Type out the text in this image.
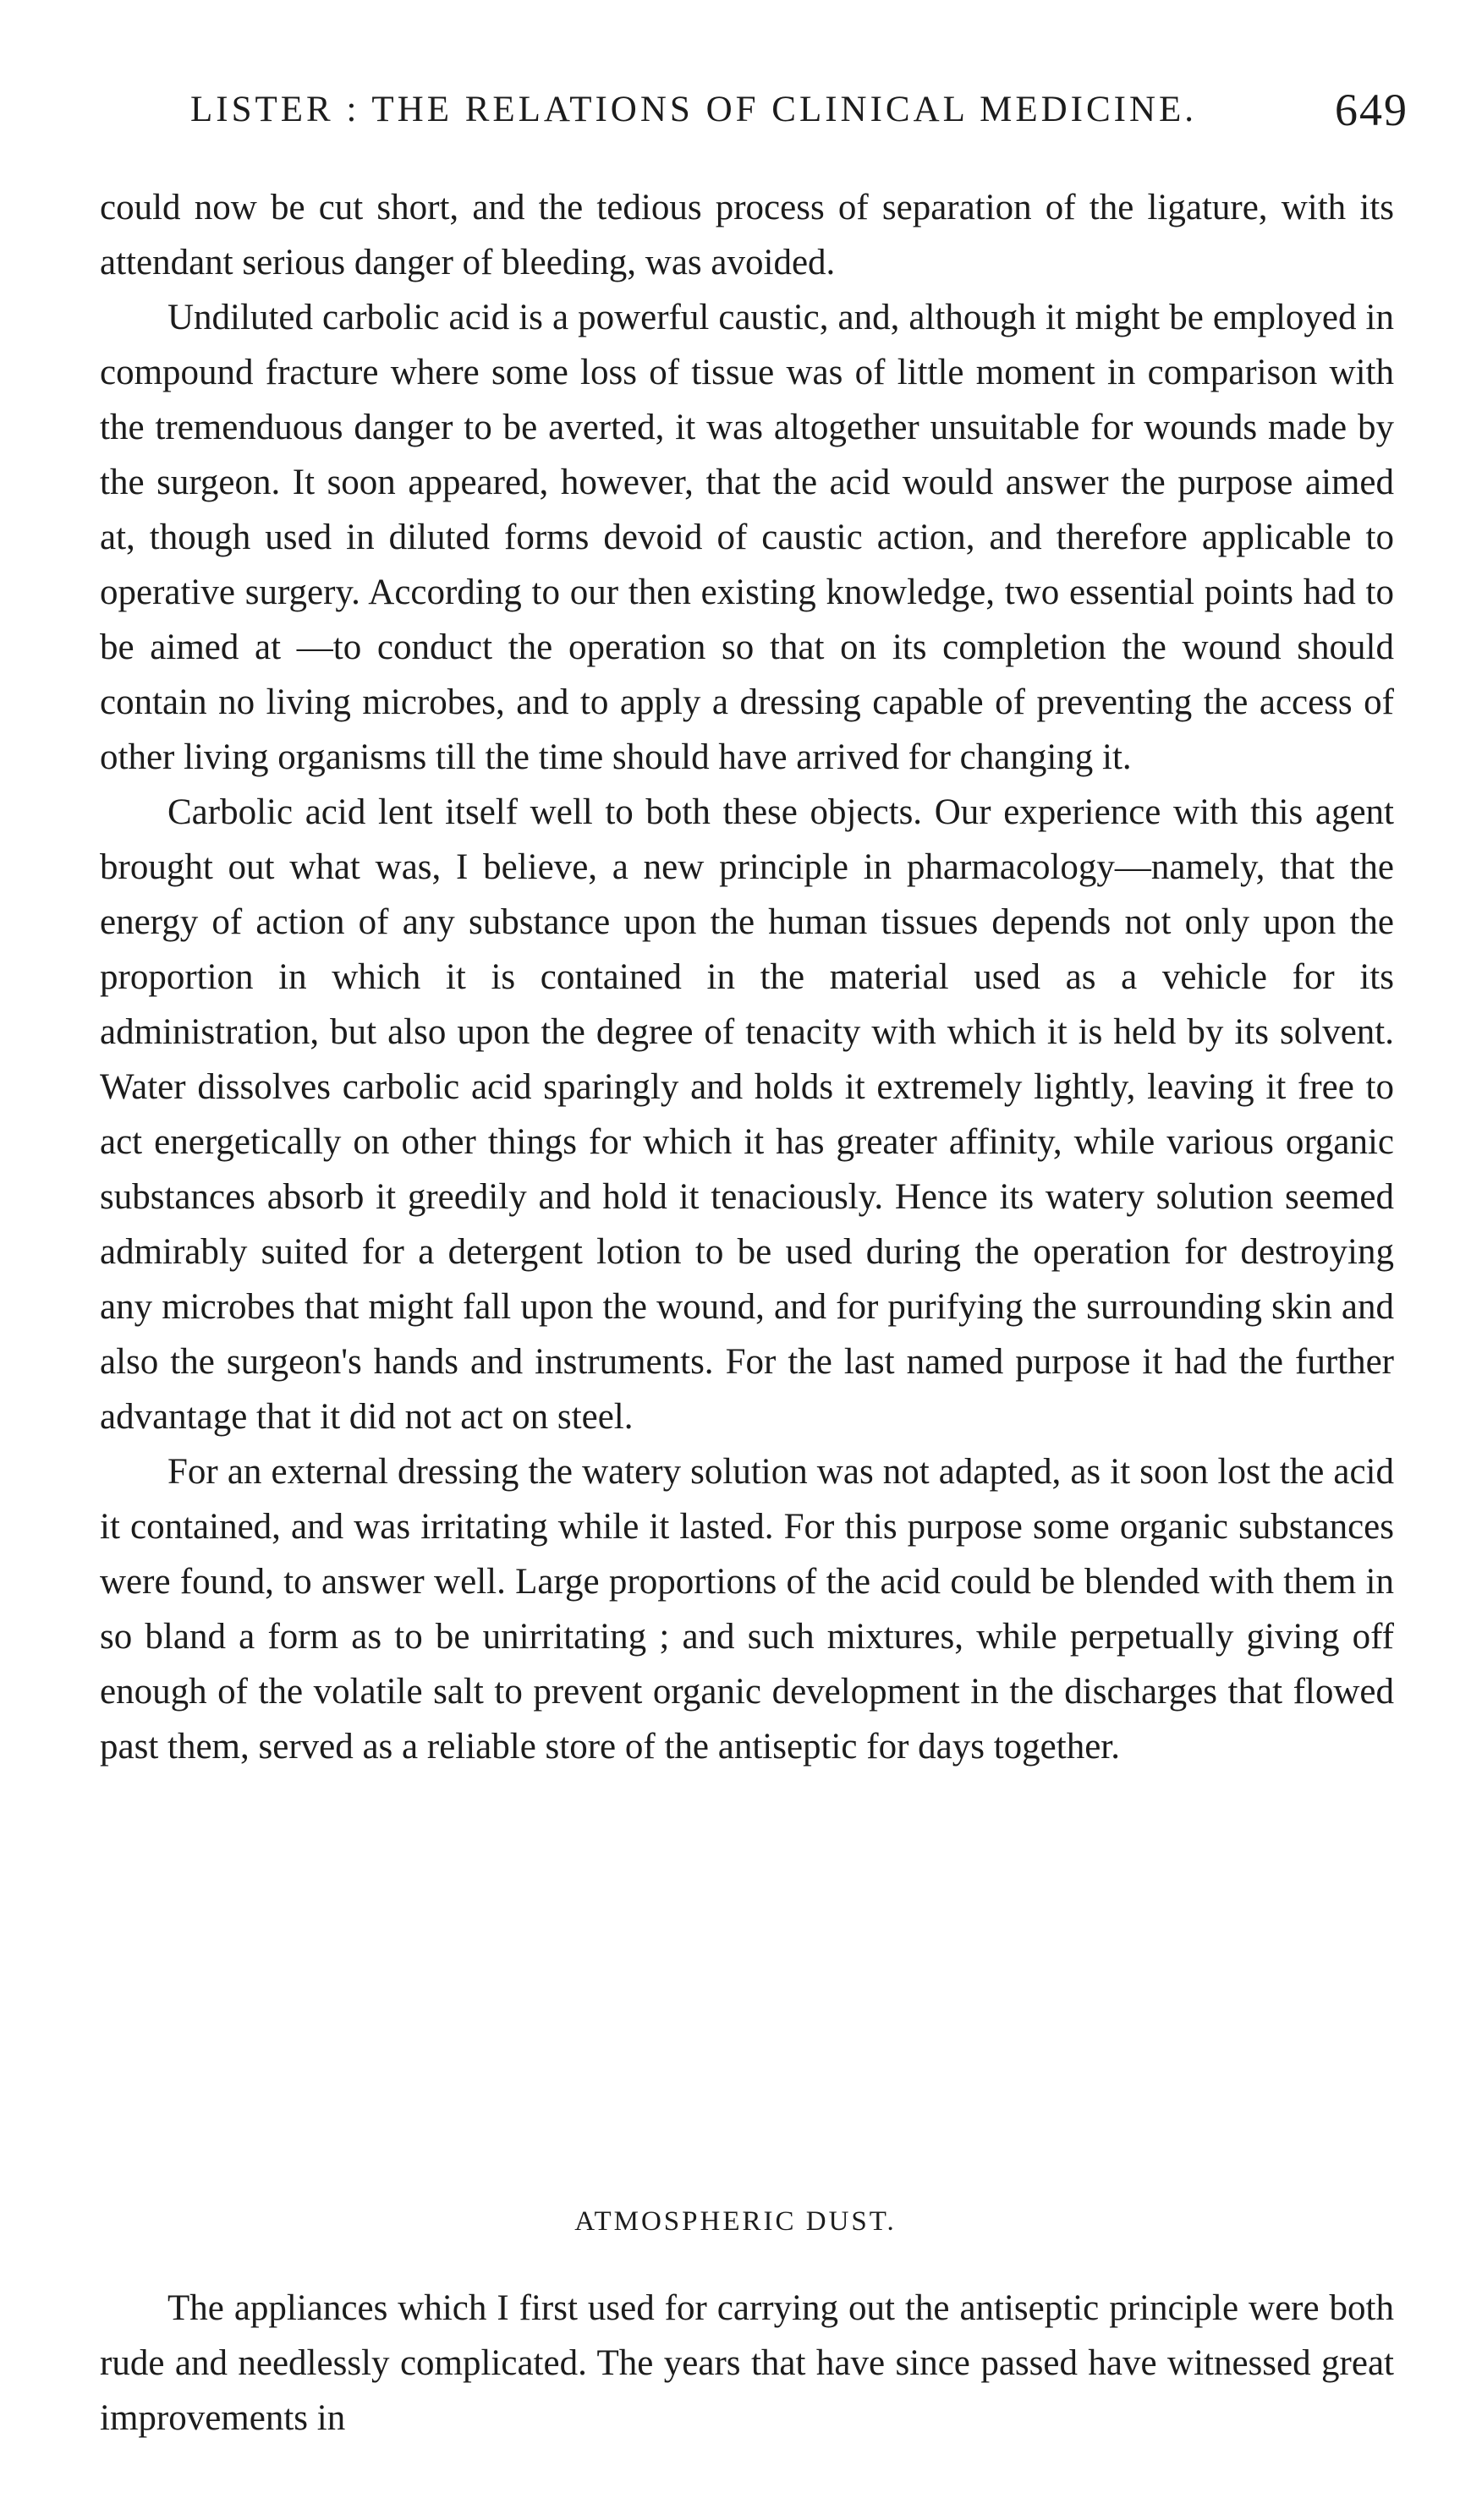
LISTER : THE RELATIONS OF CLINICAL MEDICINE.	649

could now be cut short, and the tedious process of separation of the ligature, with its attendant serious danger of bleeding, was avoided.

Undiluted carbolic acid is a powerful caustic, and, although it might be employed in compound fracture where some loss of tissue was of little moment in comparison with the tremenduous danger to be averted, it was altogether unsuitable for wounds made by the surgeon. It soon appeared, however, that the acid would answer the purpose aimed at, though used in diluted forms devoid of caustic action, and therefore applicable to operative surgery. According to our then existing knowledge, two essential points had to be aimed at —to conduct the operation so that on its completion the wound should contain no living microbes, and to apply a dressing capable of preventing the access of other living organisms till the time should have arrived for changing it.

Carbolic acid lent itself well to both these objects. Our experience with this agent brought out what was, I believe, a new principle in pharmacology—namely, that the energy of action of any substance upon the human tissues depends not only upon the proportion in which it is contained in the material used as a vehicle for its administration, but also upon the degree of tenacity with which it is held by its solvent. Water dissolves carbolic acid sparingly and holds it extremely lightly, leaving it free to act energetically on other things for which it has greater affinity, while various organic substances absorb it greedily and hold it tenaciously. Hence its watery solution seemed admirably suited for a detergent lotion to be used during the operation for destroying any microbes that might fall upon the wound, and for purifying the surrounding skin and also the surgeon's hands and instruments. For the last named purpose it had the further advantage that it did not act on steel.

For an external dressing the watery solution was not adapted, as it soon lost the acid it contained, and was irritating while it lasted. For this purpose some organic substances were found, to answer well. Large proportions of the acid could be blended with them in so bland a form as to be unirritating ; and such mixtures, while perpetually giving off enough of the volatile salt to prevent organic development in the discharges that flowed past them, served as a reliable store of the antiseptic for days together.

ATMOSPHERIC DUST.

The appliances which I first used for carrying out the antiseptic principle were both rude and needlessly complicated. The years that have since passed have witnessed great improvements in
